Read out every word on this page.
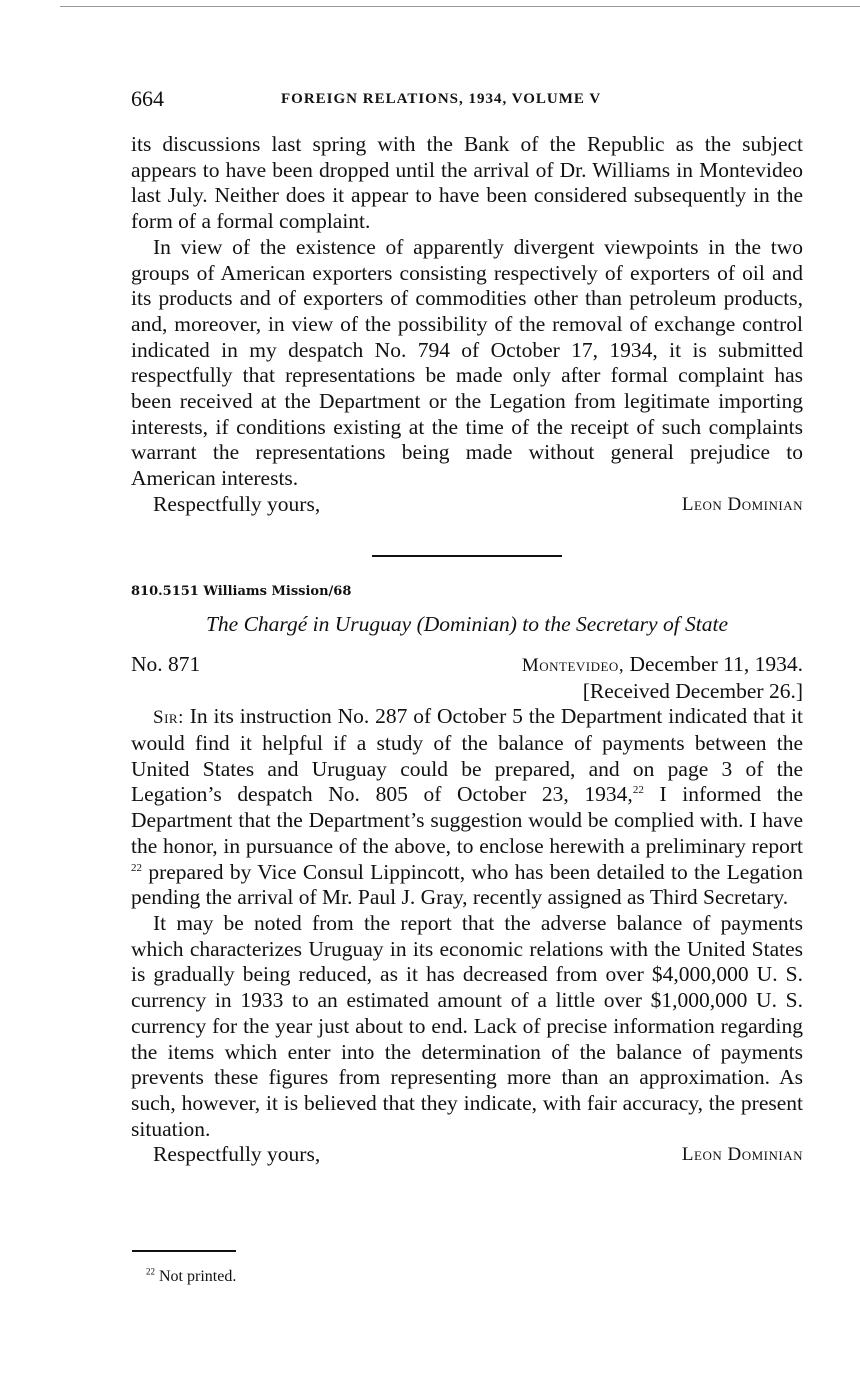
664	FOREIGN RELATIONS, 1934, VOLUME V

its discussions last spring with the Bank of the Republic as the subject appears to have been dropped until the arrival of Dr. Williams in Montevideo last July. Neither does it appear to have been considered subsequently in the form of a formal complaint.

In view of the existence of apparently divergent viewpoints in the two groups of American exporters consisting respectively of exporters of oil and its products and of exporters of commodities other than petroleum products, and, moreover, in view of the possibility of the removal of exchange control indicated in my despatch No. 794 of October 17, 1934, it is submitted respectfully that representations be made only after formal complaint has been received at the Department or the Legation from legitimate importing interests, if conditions existing at the time of the receipt of such complaints warrant the representations being made without general prejudice to American interests.

Respectfully yours,	Leon Dominian
810.5151 Williams Mission/68
The Chargé in Uruguay (Dominian) to the Secretary of State
No. 871	Montevideo, December 11, 1934.
[Received December 26.]

Sir: In its instruction No. 287 of October 5 the Department indicated that it would find it helpful if a study of the balance of payments between the United States and Uruguay could be prepared, and on page 3 of the Legation’s despatch No. 805 of October 23, 1934,22 I informed the Department that the Department’s suggestion would be complied with. I have the honor, in pursuance of the above, to enclose herewith a preliminary report $^{22}$ prepared by Vice Consul Lippincott, who has been detailed to the Legation pending the arrival of Mr. Paul J. Gray, recently assigned as Third Secretary.

It may be noted from the report that the adverse balance of payments which characterizes Uruguay in its economic relations with the United States is gradually being reduced, as it has decreased from over $4,000,000 U. S. currency in 1933 to an estimated amount of a little over $1,000,000 U. S. currency for the year just about to end. Lack of precise information regarding the items which enter into the determination of the balance of payments prevents these figures from representing more than an approximation. As such, however, it is believed that they indicate, with fair accuracy, the present situation.

Respectfully yours,	Leon Dominian
$^{22}$ Not printed.
